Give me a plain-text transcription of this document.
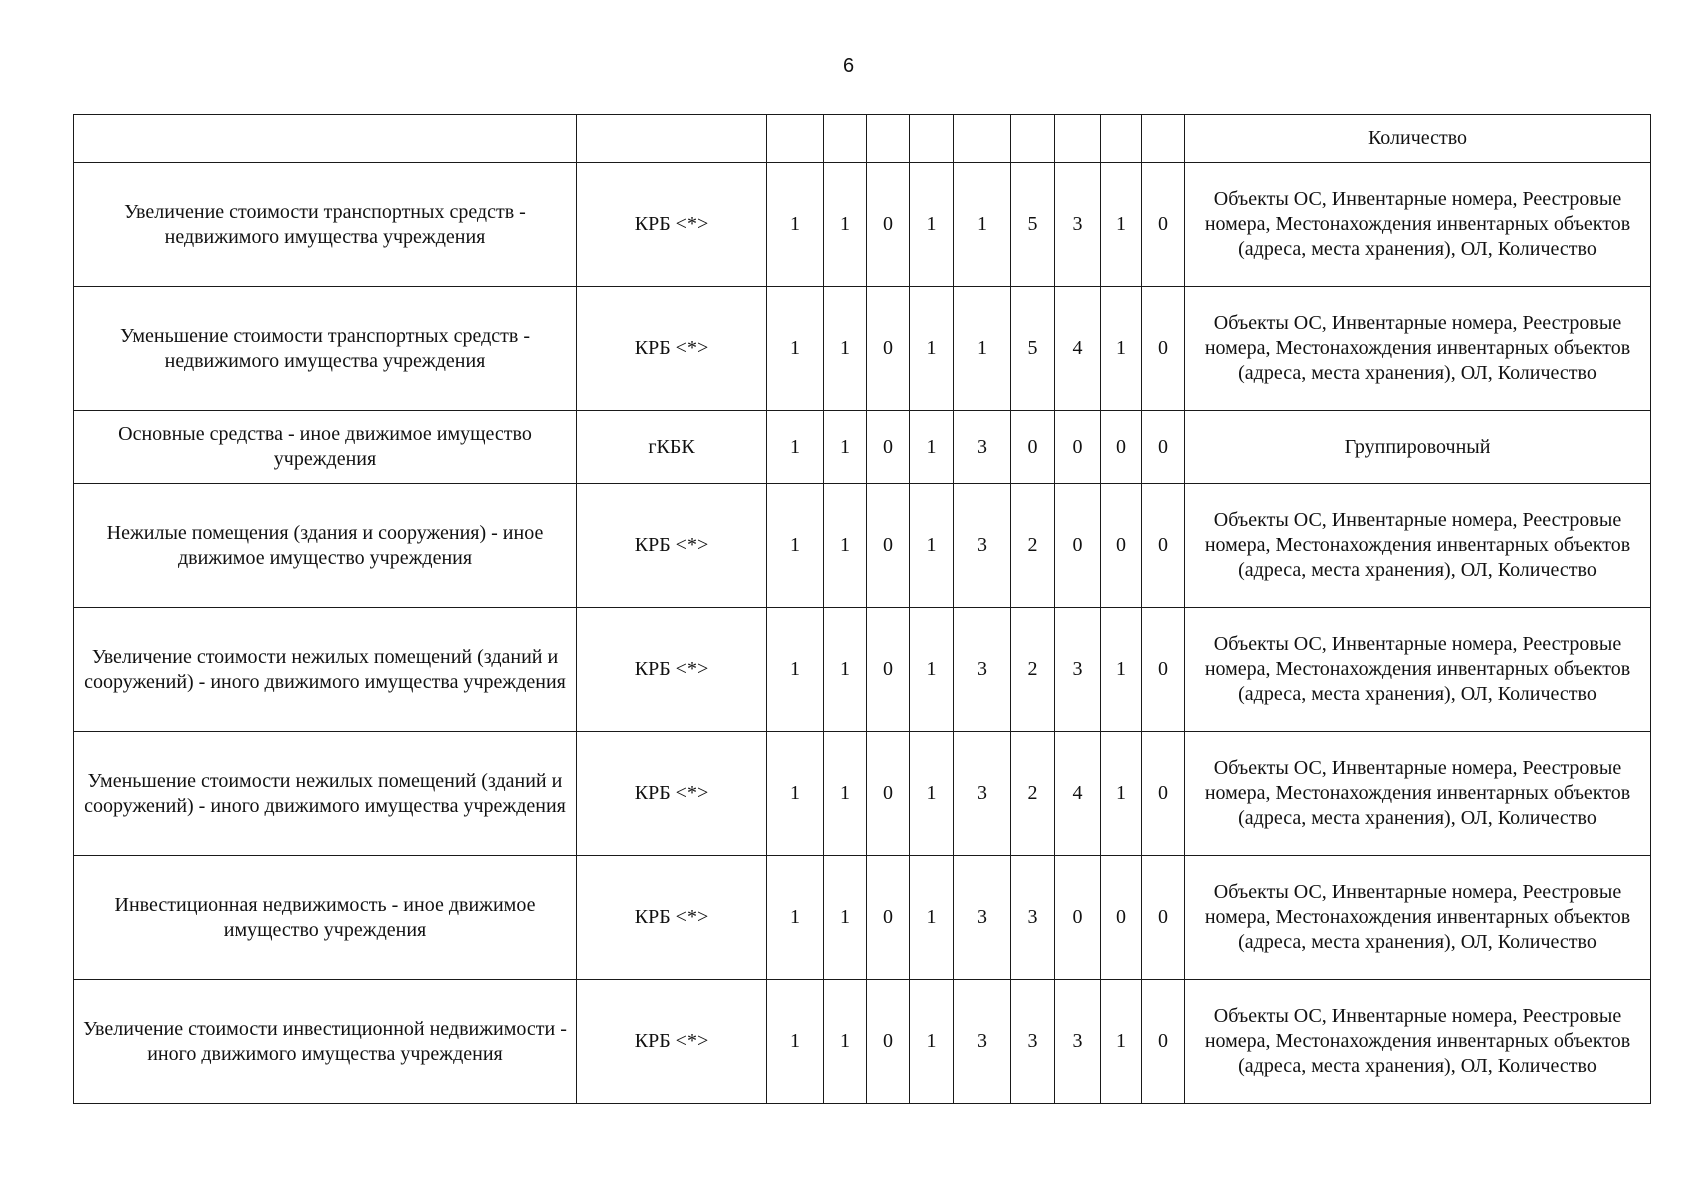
6
											Количество
Увеличение стоимости транспортных средств - недвижимого имущества учреждения	КРБ <*>	1	1	0	1	1	5	3	1	0	Объекты ОС, Инвентарные номера, Реестровые номера, Местонахождения инвентарных объектов (адреса, места хранения), ОЛ, Количество
Уменьшение стоимости транспортных средств - недвижимого имущества учреждения	КРБ <*>	1	1	0	1	1	5	4	1	0	Объекты ОС, Инвентарные номера, Реестровые номера, Местонахождения инвентарных объектов (адреса, места хранения), ОЛ, Количество
Основные средства - иное движимое имущество учреждения	гКБК	1	1	0	1	3	0	0	0	0	Группировочный
Нежилые помещения (здания и сооружения) - иное движимое имущество учреждения	КРБ <*>	1	1	0	1	3	2	0	0	0	Объекты ОС, Инвентарные номера, Реестровые номера, Местонахождения инвентарных объектов (адреса, места хранения), ОЛ, Количество
Увеличение стоимости нежилых помещений (зданий и сооружений) - иного движимого имущества учреждения	КРБ <*>	1	1	0	1	3	2	3	1	0	Объекты ОС, Инвентарные номера, Реестровые номера, Местонахождения инвентарных объектов (адреса, места хранения), ОЛ, Количество
Уменьшение стоимости нежилых помещений (зданий и сооружений) - иного движимого имущества учреждения	КРБ <*>	1	1	0	1	3	2	4	1	0	Объекты ОС, Инвентарные номера, Реестровые номера, Местонахождения инвентарных объектов (адреса, места хранения), ОЛ, Количество
Инвестиционная недвижимость - иное движимое имущество учреждения	КРБ <*>	1	1	0	1	3	3	0	0	0	Объекты ОС, Инвентарные номера, Реестровые номера, Местонахождения инвентарных объектов (адреса, места хранения), ОЛ, Количество
Увеличение стоимости инвестиционной недвижимости - иного движимого имущества учреждения	КРБ <*>	1	1	0	1	3	3	3	1	0	Объекты ОС, Инвентарные номера, Реестровые номера, Местонахождения инвентарных объектов (адреса, места хранения), ОЛ, Количество
